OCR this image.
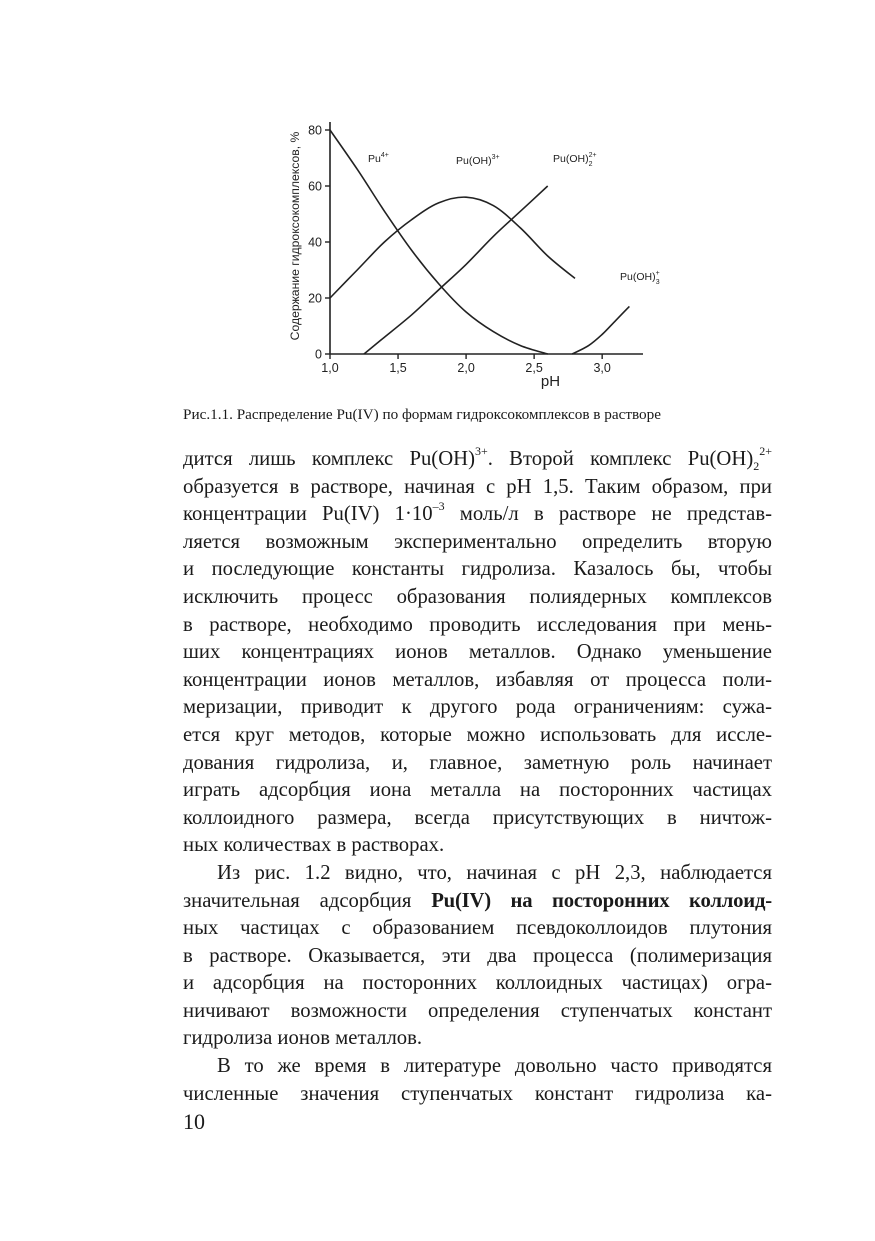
0
20
40
60
80
1,0	1,5	2,0	2,5	3,0
pH
Содержание гидроксокомплексов, %	$Pu^{4+}$	Pu(OH)$^{3+}$	Pu(OH)$^{2+}$ 2
Pu(OH)+ 3
Рис.1.1. Распределение Pu(IV) по формам гидроксокомплексов в растворе

дится лишь комплекс Pu(OH)$^{3+}$. Второй комплекс $Pu(OH)_2^{2+}$
образуется в растворе, начиная с pH 1,5. Таким образом, при
концентрации Pu(IV) $1\cdot 10^{-3}$ моль/л в растворе не представ-
ляется возможным экспериментально определить вторую
и последующие константы гидролиза. Казалось бы, чтобы
исключить процесс образования полиядерных комплексов
в растворе, необходимо проводить исследования при мень-
ших концентрациях ионов металлов. Однако уменьшение
концентрации ионов металлов, избавляя от процесса поли-
меризации, приводит к другого рода ограничениям: сужа-
ется круг методов, которые можно использовать для иссле-
дования гидролиза, и, главное, заметную роль начинает
играть адсорбция иона металла на посторонних частицах
коллоидного размера, всегда присутствующих в ничтож-
ных количествах в растворах.

Из рис. 1.2 видно, что, начиная с pH 2,3, наблюдается
значительная адсорбция Pu(IV) на посторонних коллоид-
ных частицах с образованием псевдоколлоидов плутония
в растворе. Оказывается, эти два процесса (полимеризация
и адсорбция на посторонних коллоидных частицах) огра-
ничивают возможности определения ступенчатых констант
гидролиза ионов металлов.

В то же время в литературе довольно часто приводятся
численные значения ступенчатых констант гидролиза ка-

10
